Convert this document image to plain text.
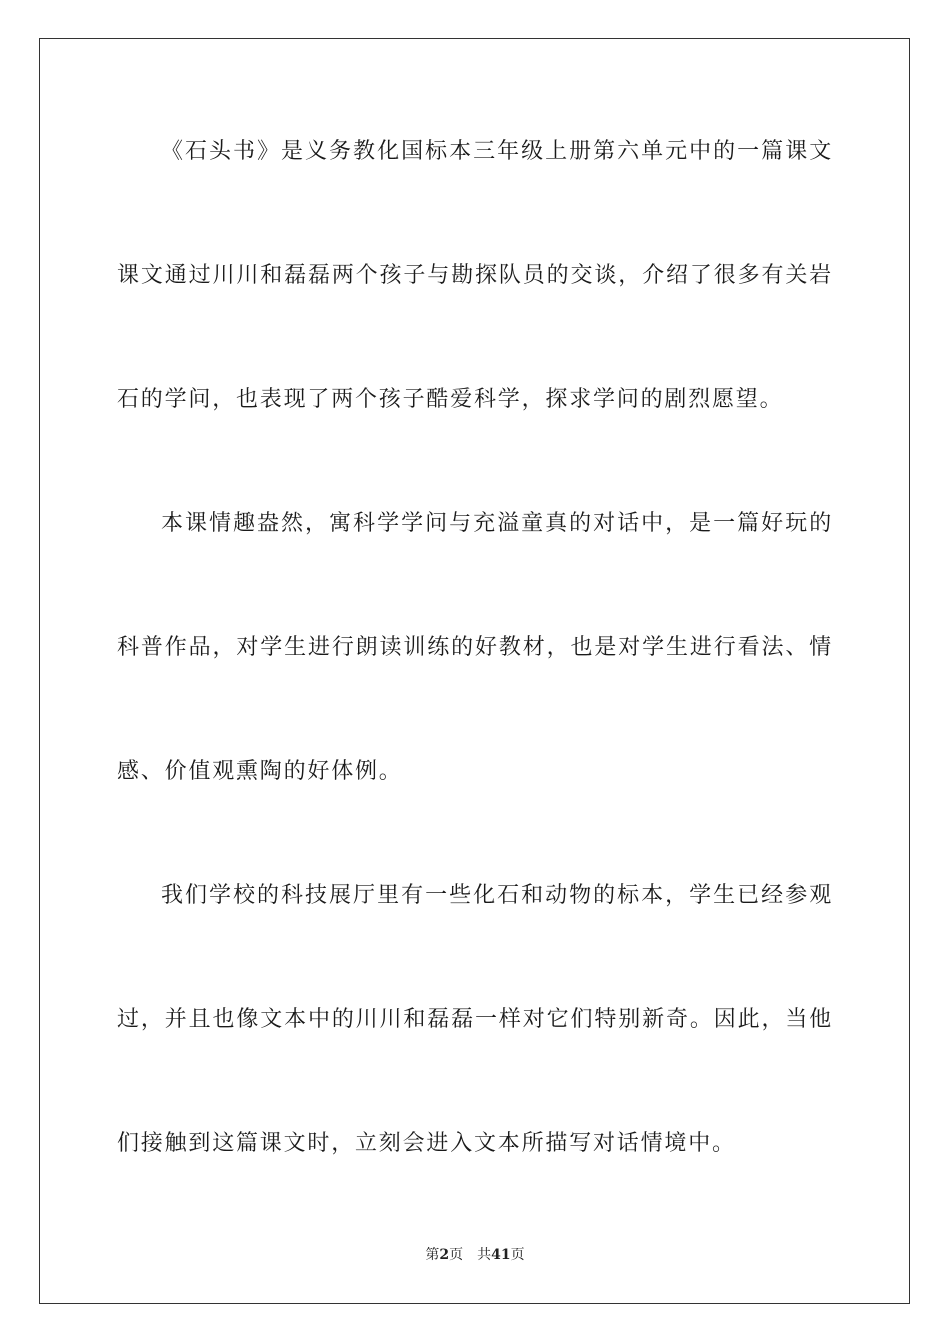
《石头书》是义务教化国标本三年级上册第六单元中的一篇课文
课文通过川川和磊磊两个孩子与勘探队员的交谈，介绍了很多有关岩
石的学问，也表现了两个孩子酷爱科学，探求学问的剧烈愿望。
本课情趣盎然，寓科学学问与充溢童真的对话中，是一篇好玩的
科普作品，对学生进行朗读训练的好教材，也是对学生进行看法、情
感、价值观熏陶的好体例。
我们学校的科技展厅里有一些化石和动物的标本，学生已经参观
过，并且也像文本中的川川和磊磊一样对它们特别新奇。因此，当他
们接触到这篇课文时，立刻会进入文本所描写对话情境中。
第2页 共41页
